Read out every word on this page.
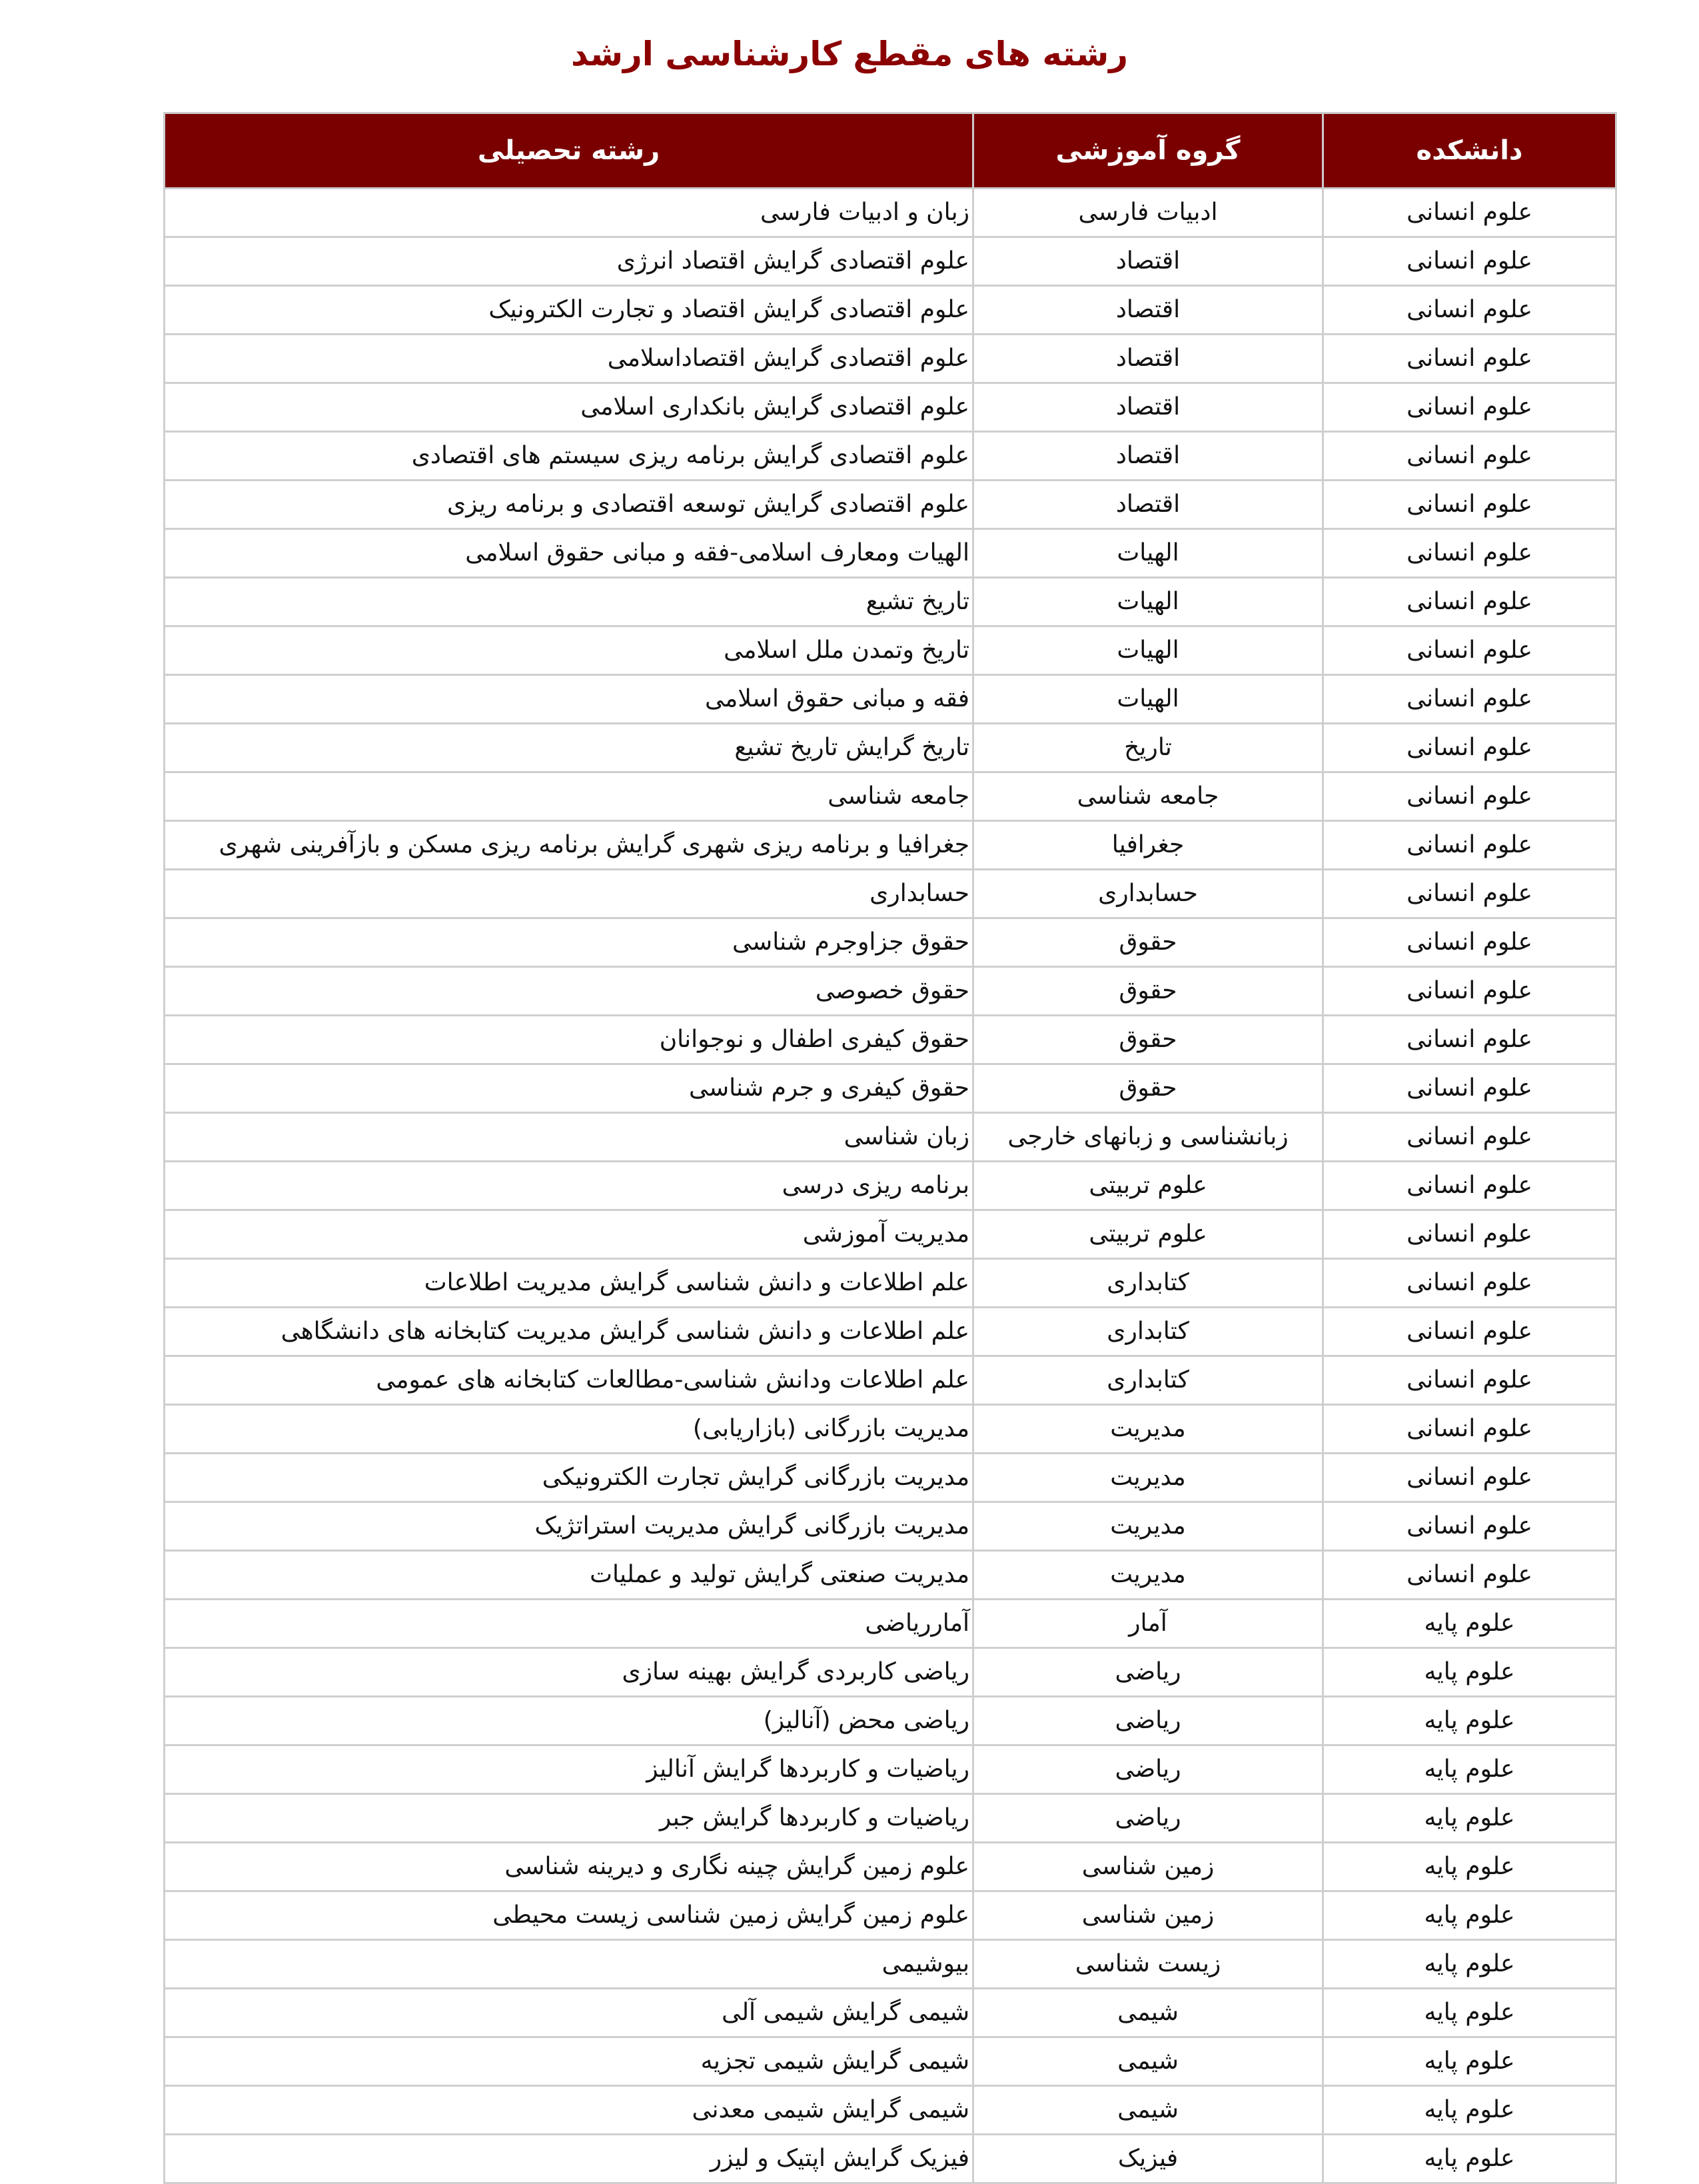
رشته های مقطع کارشناسی ارشد
دانشکده	گروه آموزشی	رشته تحصیلی
علوم انسانی	ادبیات فارسی	زبان و ادبیات فارسی
علوم انسانی	اقتصاد	علوم اقتصادی گرایش اقتصاد انرژی
علوم انسانی	اقتصاد	علوم اقتصادی گرایش اقتصاد و تجارت الکترونیک
علوم انسانی	اقتصاد	علوم اقتصادی گرایش اقتصاداسلامی
علوم انسانی	اقتصاد	علوم اقتصادی گرایش بانکداری اسلامی
علوم انسانی	اقتصاد	علوم اقتصادی گرایش برنامه ریزی سیستم های اقتصادی
علوم انسانی	اقتصاد	علوم اقتصادی گرایش توسعه اقتصادی و برنامه ریزی
علوم انسانی	الهیات	الهیات ومعارف اسلامی-فقه و مبانی حقوق اسلامی
علوم انسانی	الهیات	تاریخ تشیع
علوم انسانی	الهیات	تاریخ وتمدن ملل اسلامی
علوم انسانی	الهیات	فقه و مبانی حقوق اسلامی
علوم انسانی	تاریخ	تاریخ گرایش تاریخ تشیع
علوم انسانی	جامعه شناسی	جامعه شناسی
علوم انسانی	جغرافیا	جغرافیا و برنامه ریزی شهری گرایش برنامه ریزی مسکن و بازآفرینی شهری
علوم انسانی	حسابداری	حسابداری
علوم انسانی	حقوق	حقوق جزاوجرم شناسی
علوم انسانی	حقوق	حقوق خصوصی
علوم انسانی	حقوق	حقوق کیفری اطفال و نوجوانان
علوم انسانی	حقوق	حقوق کیفری و جرم شناسی
علوم انسانی	زبانشناسی و زبانهای خارجی	زبان شناسی
علوم انسانی	علوم تربیتی	برنامه ریزی درسی
علوم انسانی	علوم تربیتی	مدیریت آموزشی
علوم انسانی	کتابداری	علم اطلاعات و دانش شناسی گرایش مدیریت اطلاعات
علوم انسانی	کتابداری	علم اطلاعات و دانش شناسی گرایش مدیریت کتابخانه های دانشگاهی
علوم انسانی	کتابداری	علم اطلاعات ودانش شناسی-مطالعات کتابخانه های عمومی
علوم انسانی	مدیریت	مدیریت بازرگانی (بازاریابی)
علوم انسانی	مدیریت	مدیریت بازرگانی گرایش تجارت الکترونیکی
علوم انسانی	مدیریت	مدیریت بازرگانی گرایش مدیریت استراتژیک
علوم انسانی	مدیریت	مدیریت صنعتی گرایش تولید و عملیات
علوم پایه	آمار	آمارریاضی
علوم پایه	ریاضی	ریاضی کاربردی گرایش بهینه سازی
علوم پایه	ریاضی	ریاضی محض (آنالیز)
علوم پایه	ریاضی	ریاضیات و کاربردها گرایش آنالیز
علوم پایه	ریاضی	ریاضیات و کاربردها گرایش جبر
علوم پایه	زمین شناسی	علوم زمین گرایش چینه نگاری و دیرینه شناسی
علوم پایه	زمین شناسی	علوم زمین گرایش زمین شناسی زیست محیطی
علوم پایه	زیست شناسی	بیوشیمی
علوم پایه	شیمی	شیمی گرایش شیمی آلی
علوم پایه	شیمی	شیمی گرایش شیمی تجزیه
علوم پایه	شیمی	شیمی گرایش شیمی معدنی
علوم پایه	فیزیک	فیزیک گرایش اپتیک و لیزر
